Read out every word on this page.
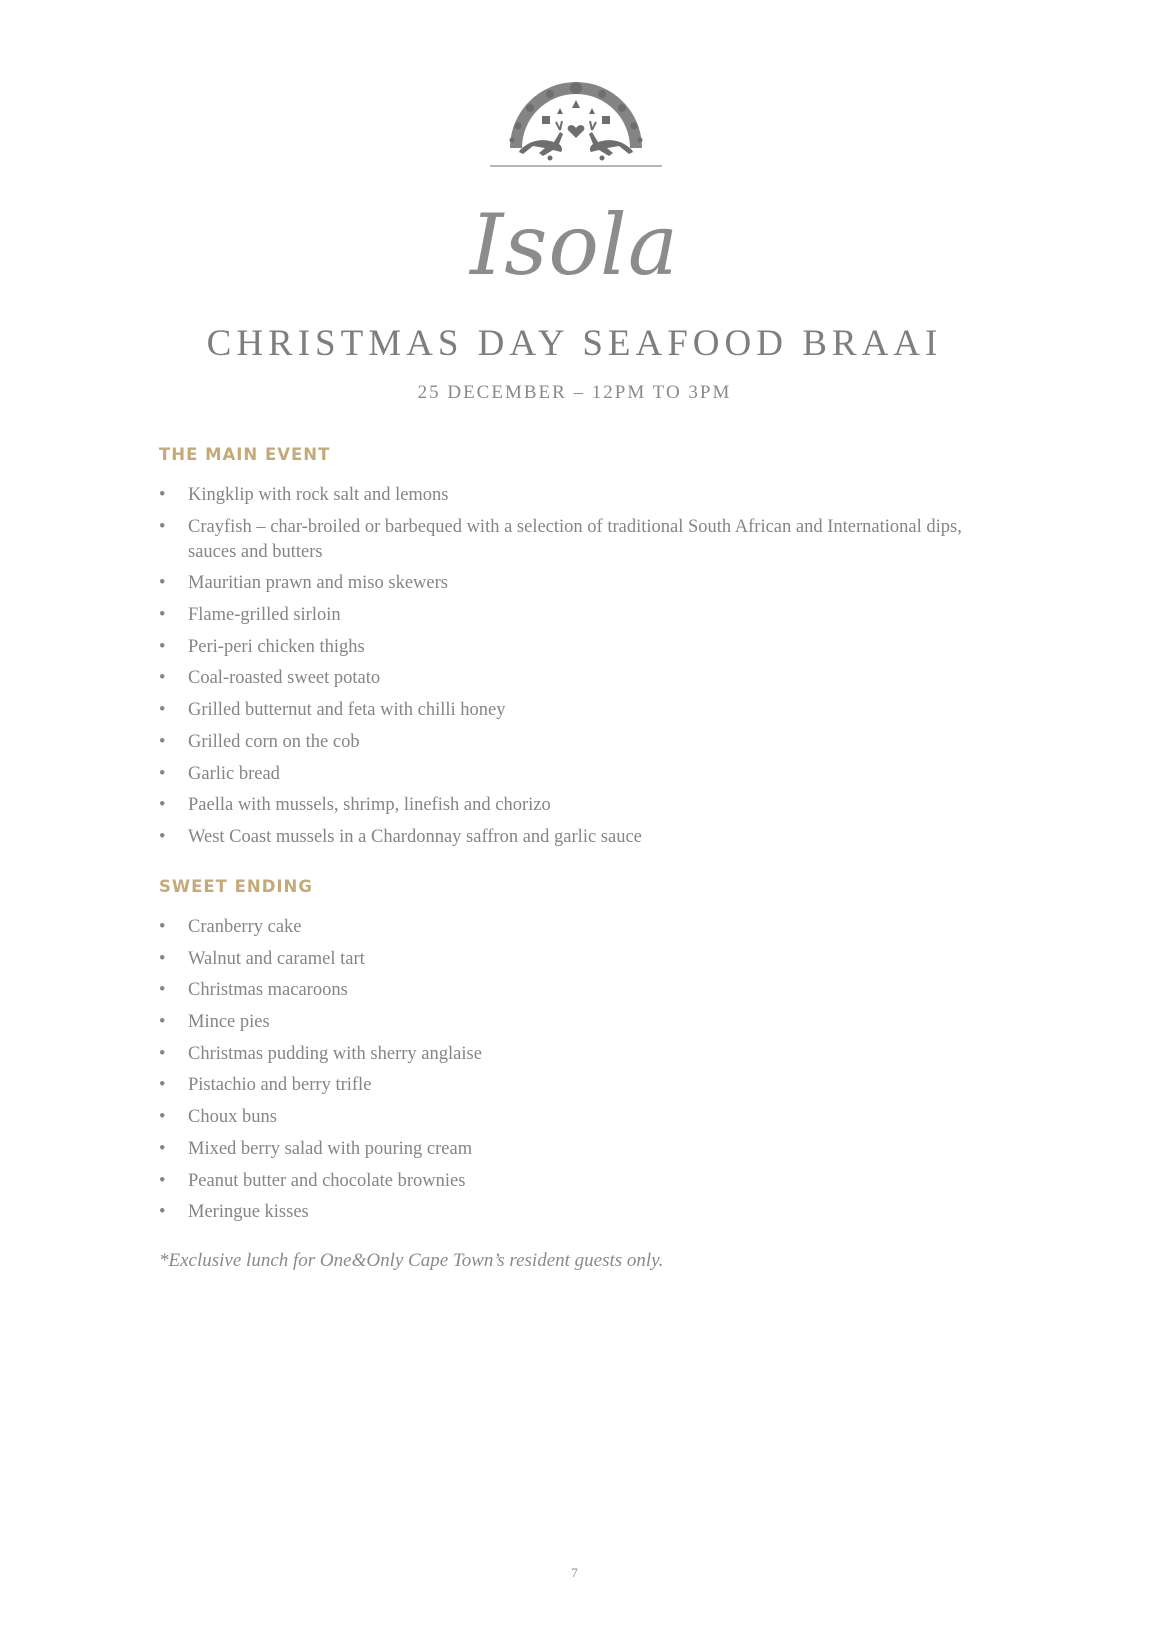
Isola
CHRISTMAS DAY SEAFOOD BRAAI
25 DECEMBER – 12PM TO 3PM
THE MAIN EVENT
• Kingklip with rock salt and lemons
• Crayfish – char-broiled or barbequed with a selection of traditional South African and International dips, sauces and butters
• Mauritian prawn and miso skewers
• Flame-grilled sirloin
• Peri-peri chicken thighs
• Coal-roasted sweet potato
• Grilled butternut and feta with chilli honey
• Grilled corn on the cob
• Garlic bread
• Paella with mussels, shrimp, linefish and chorizo
• West Coast mussels in a Chardonnay saffron and garlic sauce
SWEET ENDING
• Cranberry cake
• Walnut and caramel tart
• Christmas macaroons
• Mince pies
• Christmas pudding with sherry anglaise
• Pistachio and berry trifle
• Choux buns
• Mixed berry salad with pouring cream
• Peanut butter and chocolate brownies
• Meringue kisses
*Exclusive lunch for One&Only Cape Town’s resident guests only.
7
